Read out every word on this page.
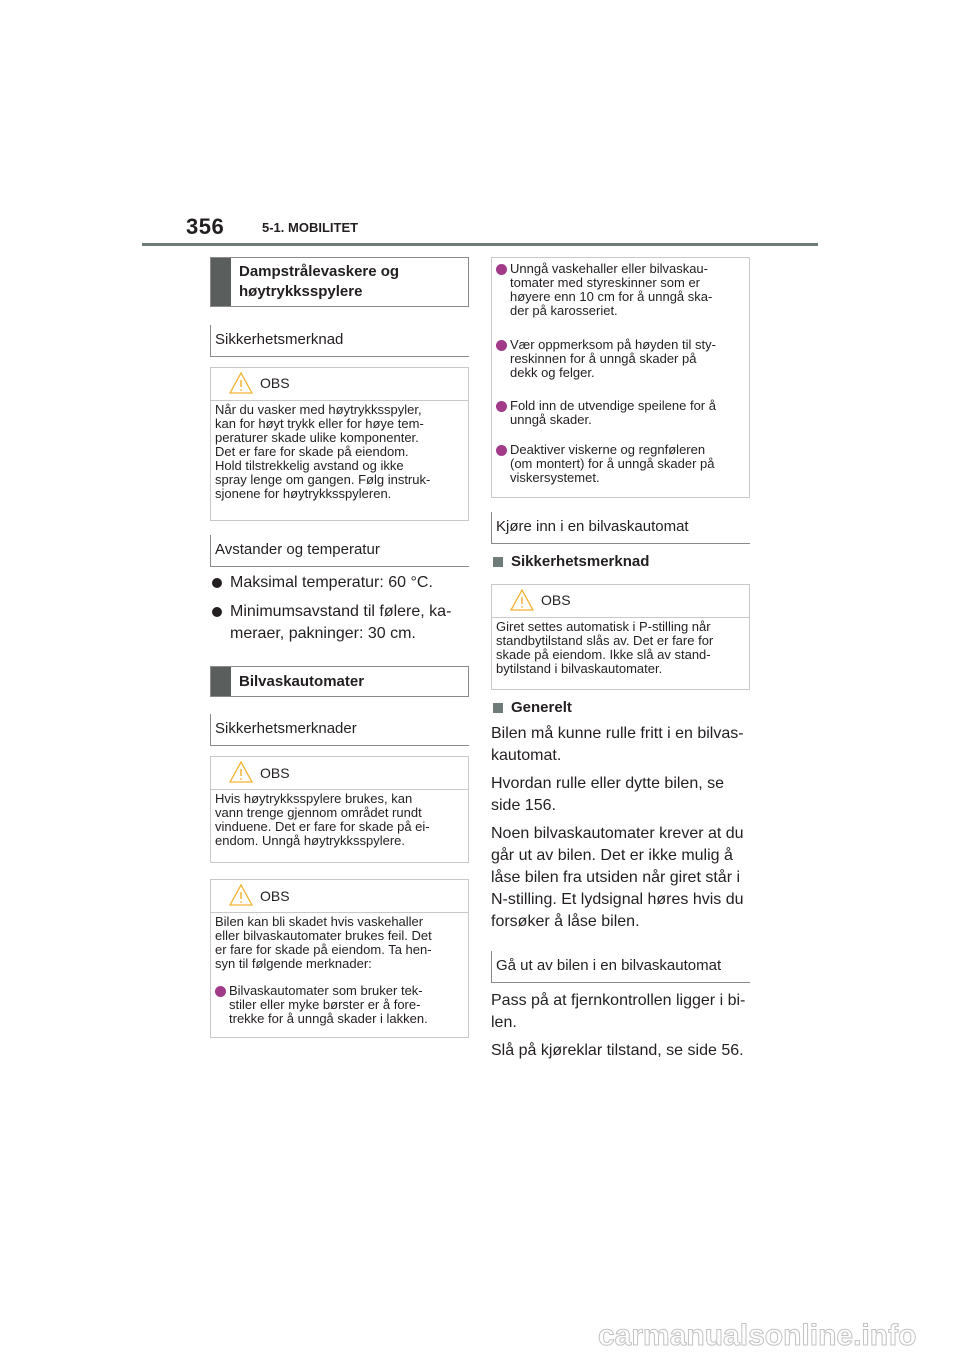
356	5-1. MOBILITET
Dampstrålevaskere og
høytrykksspylere
Sikkerhetsmerknad
OBS
Når du vasker med høytrykksspyler,
kan for høyt trykk eller for høye tem-
peraturer skade ulike komponenter.
Det er fare for skade på eiendom.
Hold tilstrekkelig avstand og ikke
spray lenge om gangen. Følg instruk-
sjonene for høytrykksspyleren.
Avstander og temperatur
Maksimal temperatur: 60 °C.
Minimumsavstand til følere, ka-
meraer, pakninger: 30 cm.
Bilvaskautomater
Sikkerhetsmerknader
OBS
Hvis høytrykksspylere brukes, kan
vann trenge gjennom området rundt
vinduene. Det er fare for skade på ei-
endom. Unngå høytrykksspylere.
OBS
Bilen kan bli skadet hvis vaskehaller
eller bilvaskautomater brukes feil. Det
er fare for skade på eiendom. Ta hen-
syn til følgende merknader:
Bilvaskautomater som bruker tek-
stiler eller myke børster er å fore-
trekke for å unngå skader i lakken.
Unngå vaskehaller eller bilvaskau-
tomater med styreskinner som er
høyere enn 10 cm for å unngå ska-
der på karosseriet.
Vær oppmerksom på høyden til sty-
reskinnen for å unngå skader på
dekk og felger.
Fold inn de utvendige speilene for å
unngå skader.
Deaktiver viskerne og regnføleren
(om montert) for å unngå skader på
viskersystemet.
Kjøre inn i en bilvaskautomat
Sikkerhetsmerknad
OBS
Giret settes automatisk i P-stilling når
standbytilstand slås av. Det er fare for
skade på eiendom. Ikke slå av stand-
bytilstand i bilvaskautomater.
Generelt
Bilen må kunne rulle fritt i en bilvas-
kautomat.
Hvordan rulle eller dytte bilen, se
side 156.
Noen bilvaskautomater krever at du
går ut av bilen. Det er ikke mulig å
låse bilen fra utsiden når giret står i
N-stilling. Et lydsignal høres hvis du
forsøker å låse bilen.
Gå ut av bilen i en bilvaskautomat
Pass på at fjernkontrollen ligger i bi-
len.
Slå på kjøreklar tilstand, se side 56.
carmanualsonline.info
